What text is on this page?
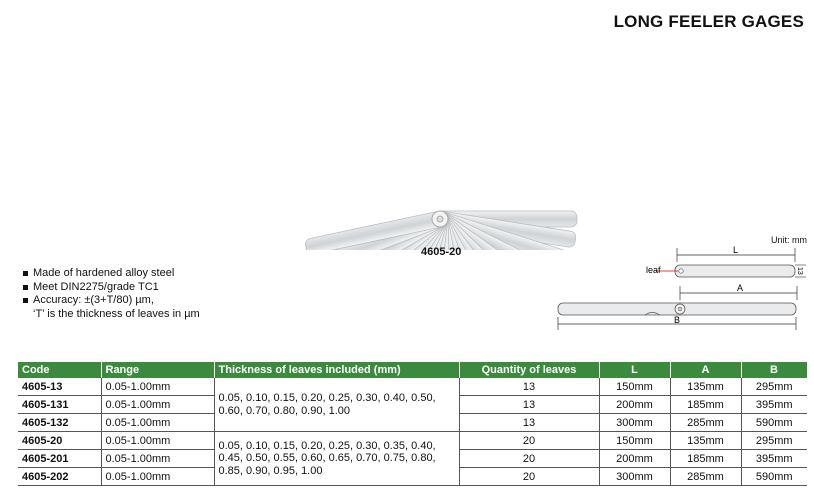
LONG FEELER GAGES
4605-20
Made of hardened alloy steel
Meet DIN2275/grade TC1
Accuracy: ±(3+T/80) µm,
‘T’ is the thickness of leaves in µm
Unit: mm
L
leaf	13
A
B
Code	Range	Thickness of leaves included (mm)	Quantity of leaves	L	A	B
4605-13	0.05-1.00mm	0.05, 0.10, 0.15, 0.20, 0.25, 0.30, 0.40, 0.50, 0.60, 0.70, 0.80, 0.90, 1.00	13	150mm	135mm	295mm
4605-131	0.05-1.00mm		13	200mm	185mm	395mm
4605-132	0.05-1.00mm		13	300mm	285mm	590mm
4605-20	0.05-1.00mm	0.05, 0.10, 0.15, 0.20, 0.25, 0.30, 0.35, 0.40, 0.45, 0.50, 0.55, 0.60, 0.65, 0.70, 0.75, 0.80, 0.85, 0.90, 0.95, 1.00	20	150mm	135mm	295mm
4605-201	0.05-1.00mm		20	200mm	185mm	395mm
4605-202	0.05-1.00mm		20	300mm	285mm	590mm
